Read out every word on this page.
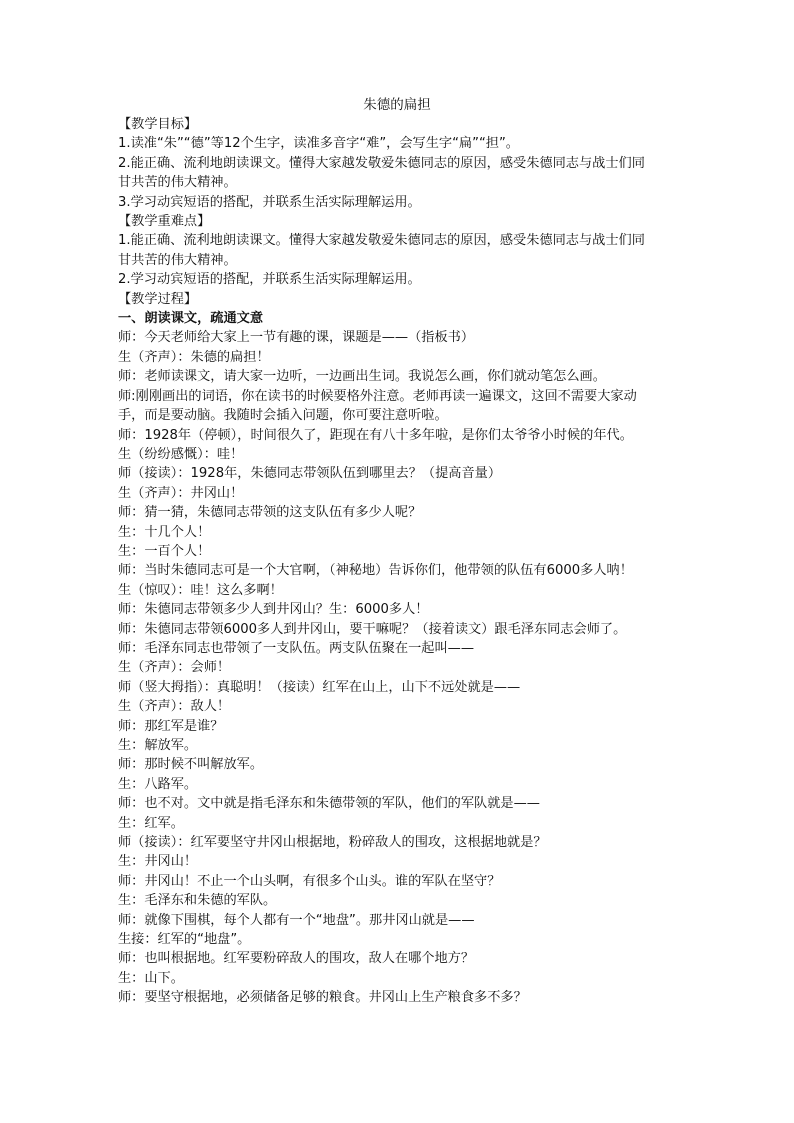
朱德的扁担

【教学目标】

1.读准“朱”“德”等12个生字，读准多音字“难”，会写生字“扁”“担”。

2.能正确、流利地朗读课文。懂得大家越发敬爱朱德同志的原因，感受朱德同志与战士们同

甘共苦的伟大精神。

3.学习动宾短语的搭配，并联系生活实际理解运用。

【教学重难点】

1.能正确、流利地朗读课文。懂得大家越发敬爱朱德同志的原因，感受朱德同志与战士们同

甘共苦的伟大精神。

2.学习动宾短语的搭配，并联系生活实际理解运用。

【教学过程】

一、朗读课文，疏通文意

师：今天老师给大家上一节有趣的课，课题是——（指板书）

生（齐声）：朱德的扁担！

师：老师读课文，请大家一边听，一边画出生词。我说怎么画，你们就动笔怎么画。

师:刚刚画出的词语，你在读书的时候要格外注意。老师再读一遍课文，这回不需要大家动

手，而是要动脑。我随时会插入问题，你可要注意听啦。

师：1928年（停顿），时间很久了，距现在有八十多年啦，是你们太爷爷小时候的年代。

生（纷纷感慨）：哇！

师（接读）：1928年，朱德同志带领队伍到哪里去？（提高音量）

生（齐声）：井冈山！

师：猜一猜，朱德同志带领的这支队伍有多少人呢？

生：十几个人！

生：一百个人！

师：当时朱德同志可是一个大官啊，（神秘地）告诉你们，他带领的队伍有6000多人呐！

生（惊叹）：哇！这么多啊！

师：朱德同志带领多少人到井冈山？生：6000多人！

师：朱德同志带领6000多人到井冈山，要干嘛呢？（接着读文）跟毛泽东同志会师了。

师：毛泽东同志也带领了一支队伍。两支队伍聚在一起叫——

生（齐声）：会师！

师（竖大拇指）：真聪明！（接读）红军在山上，山下不远处就是——

生（齐声）：敌人！

师：那红军是谁？

生：解放军。

师：那时候不叫解放军。

生：八路军。

师：也不对。文中就是指毛泽东和朱德带领的军队，他们的军队就是——

生：红军。

师（接读）：红军要坚守井冈山根据地，粉碎敌人的围攻，这根据地就是？

生：井冈山！

师：井冈山！不止一个山头啊，有很多个山头。谁的军队在坚守？

生：毛泽东和朱德的军队。

师：就像下围棋，每个人都有一个“地盘”。那井冈山就是——

生接：红军的“地盘”。

师：也叫根据地。红军要粉碎敌人的围攻，敌人在哪个地方？

生：山下。

师：要坚守根据地，必须储备足够的粮食。井冈山上生产粮食多不多？
